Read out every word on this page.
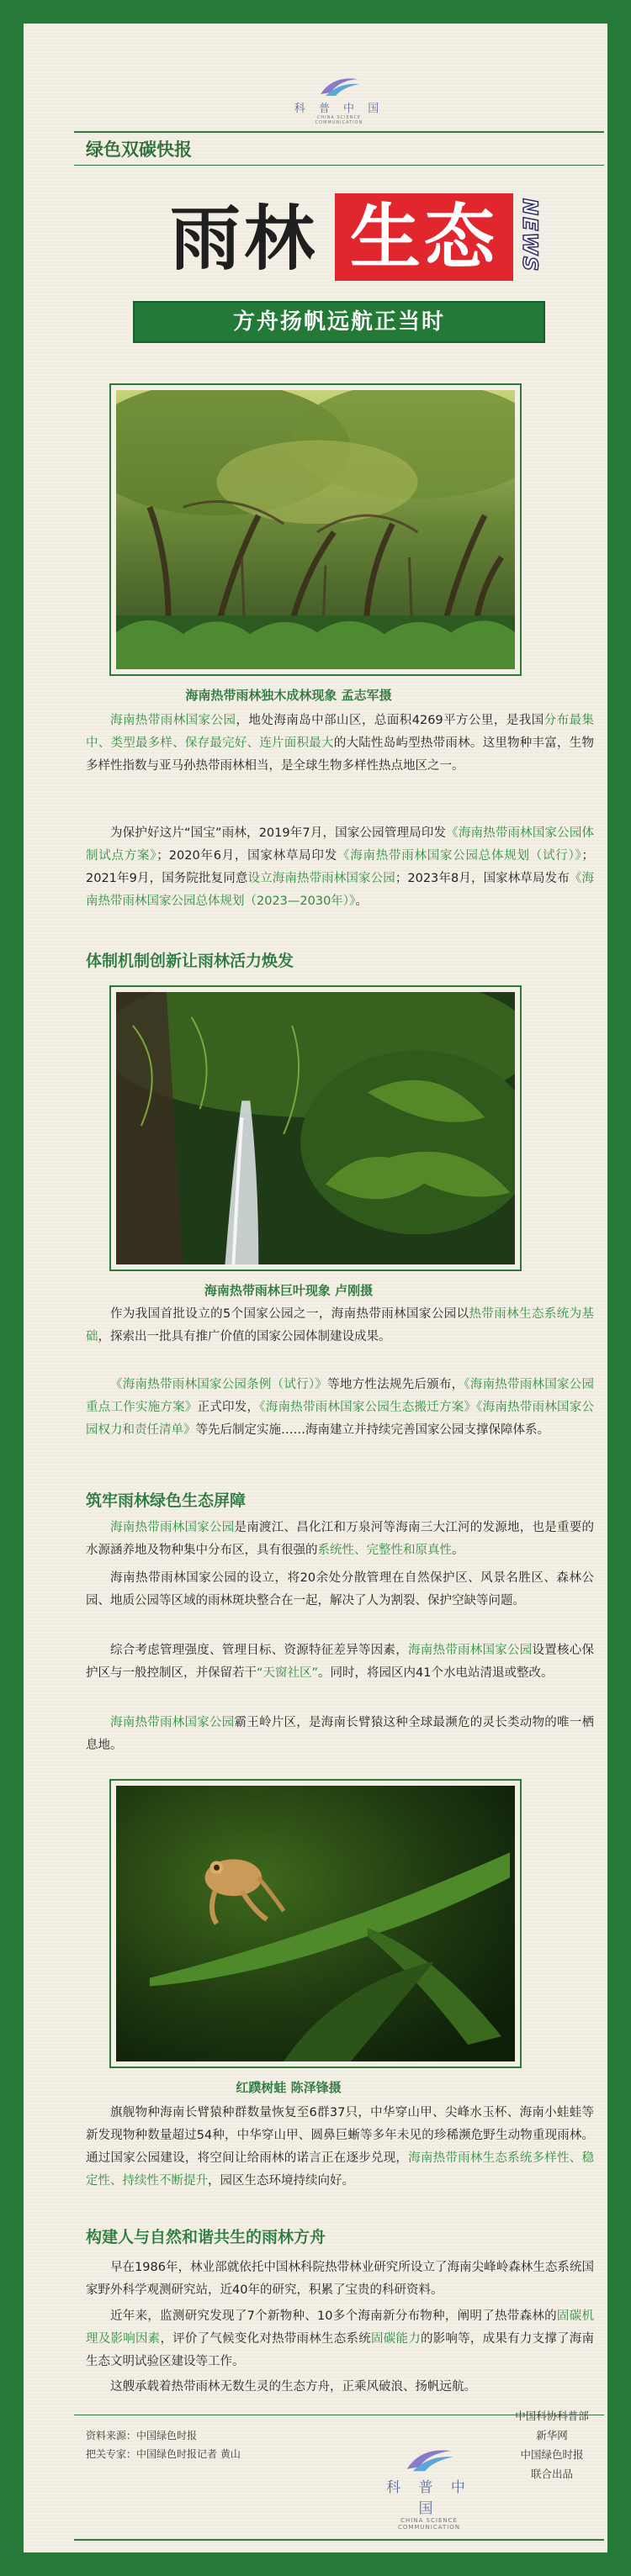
科 普 中 国
CHINA SCIENCE COMMUNICATION
绿色双碳快报
雨林 生态	NEWS
方舟扬帆远航正当时
海南热带雨林独木成林现象 孟志军摄
海南热带雨林国家公园，地处海南岛中部山区，总面积4269平方公里，是我国分布最集中、类型最多样、保存最完好、连片面积最大的大陆性岛屿型热带雨林。这里物种丰富，生物多样性指数与亚马孙热带雨林相当，是全球生物多样性热点地区之一。
为保护好这片“国宝”雨林，2019年7月，国家公园管理局印发《海南热带雨林国家公园体制试点方案》；2020年6月，国家林草局印发《海南热带雨林国家公园总体规划（试行）》；2021年9月，国务院批复同意设立海南热带雨林国家公园；2023年8月，国家林草局发布《海南热带雨林国家公园总体规划（2023—2030年）》。
体制机制创新让雨林活力焕发
海南热带雨林巨叶现象 卢刚摄
作为我国首批设立的5个国家公园之一，海南热带雨林国家公园以热带雨林生态系统为基础，探索出一批具有推广价值的国家公园体制建设成果。
《海南热带雨林国家公园条例（试行）》等地方性法规先后颁布，《海南热带雨林国家公园重点工作实施方案》正式印发，《海南热带雨林国家公园生态搬迁方案》《海南热带雨林国家公园权力和责任清单》等先后制定实施……海南建立并持续完善国家公园支撑保障体系。
筑牢雨林绿色生态屏障
海南热带雨林国家公园是南渡江、昌化江和万泉河等海南三大江河的发源地，也是重要的水源涵养地及物种集中分布区，具有很强的系统性、完整性和原真性。
海南热带雨林国家公园的设立，将20余处分散管理在自然保护区、风景名胜区、森林公园、地质公园等区域的雨林斑块整合在一起，解决了人为割裂、保护空缺等问题。
综合考虑管理强度、管理目标、资源特征差异等因素，海南热带雨林国家公园设置核心保护区与一般控制区，并保留若干“天窗社区”。同时，将园区内41个水电站清退或整改。
海南热带雨林国家公园霸王岭片区，是海南长臂猿这种全球最濒危的灵长类动物的唯一栖息地。
红蹼树蛙 陈泽锋摄
旗舰物种海南长臂猿种群数量恢复至6群37只，中华穿山甲、尖峰水玉杯、海南小蛙蛙等新发现物种数量超过54种，中华穿山甲、圆鼻巨蜥等多年未见的珍稀濒危野生动物重现雨林。通过国家公园建设，将空间让给雨林的诺言正在逐步兑现，海南热带雨林生态系统多样性、稳定性、持续性不断提升，园区生态环境持续向好。
构建人与自然和谐共生的雨林方舟
早在1986年，林业部就依托中国林科院热带林业研究所设立了海南尖峰岭森林生态系统国家野外科学观测研究站，近40年的研究，积累了宝贵的科研资料。
近年来，监测研究发现了7个新物种、10多个海南新分布物种，阐明了热带森林的固碳机理及影响因素，评价了气候变化对热带雨林生态系统固碳能力的影响等，成果有力支撑了海南生态文明试验区建设等工作。
这艘承载着热带雨林无数生灵的生态方舟，正乘风破浪、扬帆远航。
资料来源：中国绿色时报
把关专家：中国绿色时报记者 黄山
科 普 中 国
CHINA SCIENCE COMMUNICATION
中国科协科普部
新华网
中国绿色时报
联合出品
